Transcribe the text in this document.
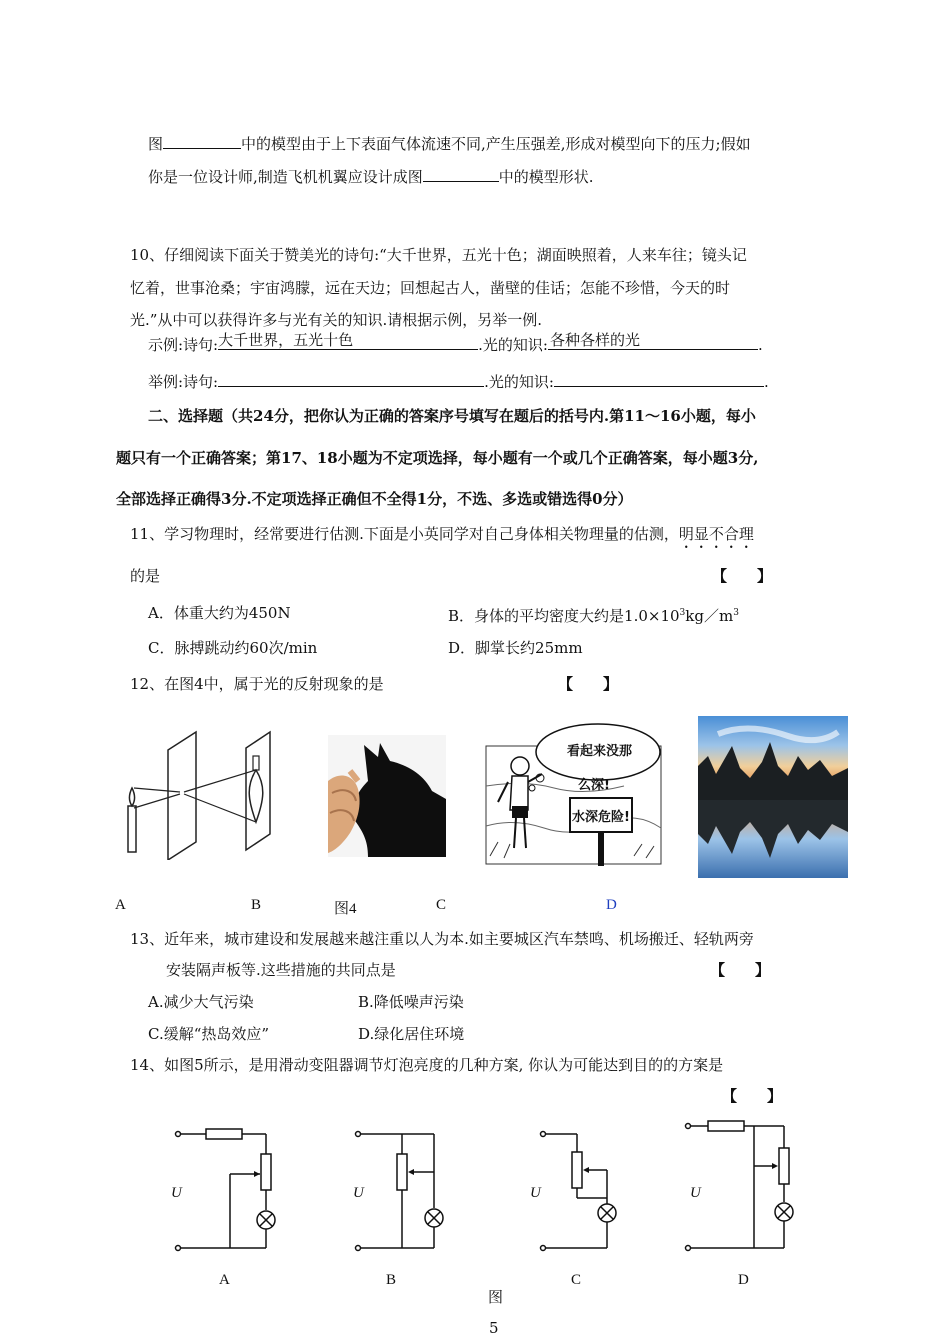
图	中的模型由于上下表面气体流速不同,产生压强差,形成对模型向下的压力;假如
你是一位设计师,制造飞机机翼应设计成图	中的模型形状.
10、仔细阅读下面关于赞美光的诗句:“大千世界，五光十色；湖面映照着，人来车往；镜头记
忆着，世事沧桑；宇宙鸿朦，远在天边；回想起古人，凿壁的佳话；怎能不珍惜，今天的时
光.”从中可以获得许多与光有关的知识.请根据示例，另举一例.
示例:诗句: 大千世界，五光十色	.光的知识: 各种各样的光	.
举例:诗句:	.光的知识:	.
二、选择题（共24分，把你认为正确的答案序号填写在题后的括号内.第11～16小题，每小
题只有一个正确答案；第17、18小题为不定项选择，每小题有一个或几个正确答案，每小题3分,
全部选择正确得3分.不定项选择正确但不全得1分，不选、多选或错选得0分）
11、学习物理时，经常要进行估测.下面是小英同学对自己身体相关物理量的估测，明显不合理
的是	【　　】
A．体重大约为450N	B．身体的平均密度大约是$1.0\times 10^3kg/m^3$
C．脉搏跳动约60次/min	D．脚掌长约25mm
12、在图4中，属于光的反射现象的是	【　　】
看起来没那
么深!
水深危险!
A	B	图4	C	D
13、近年来，城市建设和发展越来越注重以人为本.如主要城区汽车禁鸣、机场搬迁、轻轨两旁
安装隔声板等.这些措施的共同点是	【　　】
A.减少大气污染	B.降低噪声污染
C.缓解“热岛效应”	D.绿化居住环境
14、如图5所示，是用滑动变阻器调节灯泡亮度的几种方案, 你认为可能达到目的的方案是
【　　】
U	U	U	U
A	B	C	D
图
5
